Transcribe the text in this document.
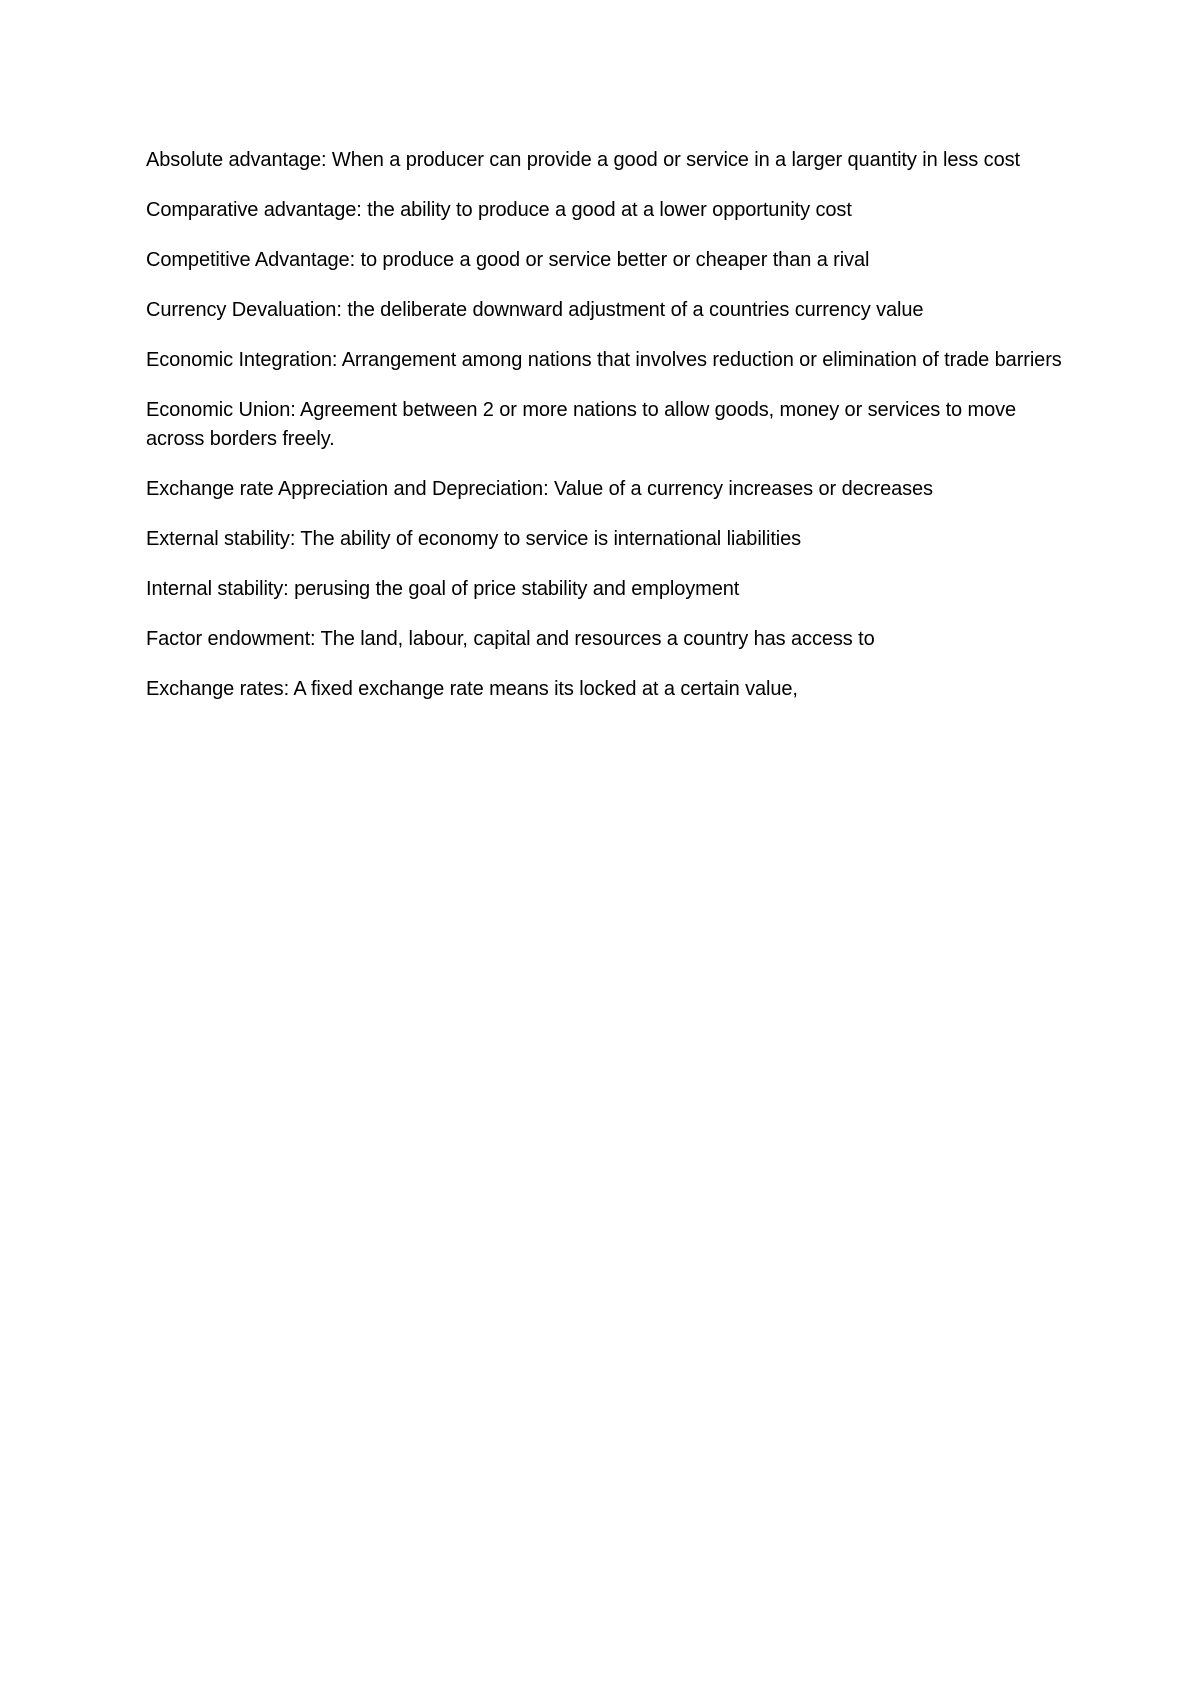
Absolute advantage: When a producer can provide a good or service in a larger quantity in less cost

Comparative advantage: the ability to produce a good at a lower opportunity cost

Competitive Advantage: to produce a good or service better or cheaper than a rival

Currency Devaluation: the deliberate downward adjustment of a countries currency value

Economic Integration: Arrangement among nations that involves reduction or elimination of trade barriers

Economic Union: Agreement between 2 or more nations to allow goods, money or services to move across borders freely.

Exchange rate Appreciation and Depreciation: Value of a currency increases or decreases

External stability: The ability of economy to service is international liabilities

Internal stability: perusing the goal of price stability and employment

Factor endowment: The land, labour, capital and resources a country has access to

Exchange rates: A fixed exchange rate means its locked at a certain value,
